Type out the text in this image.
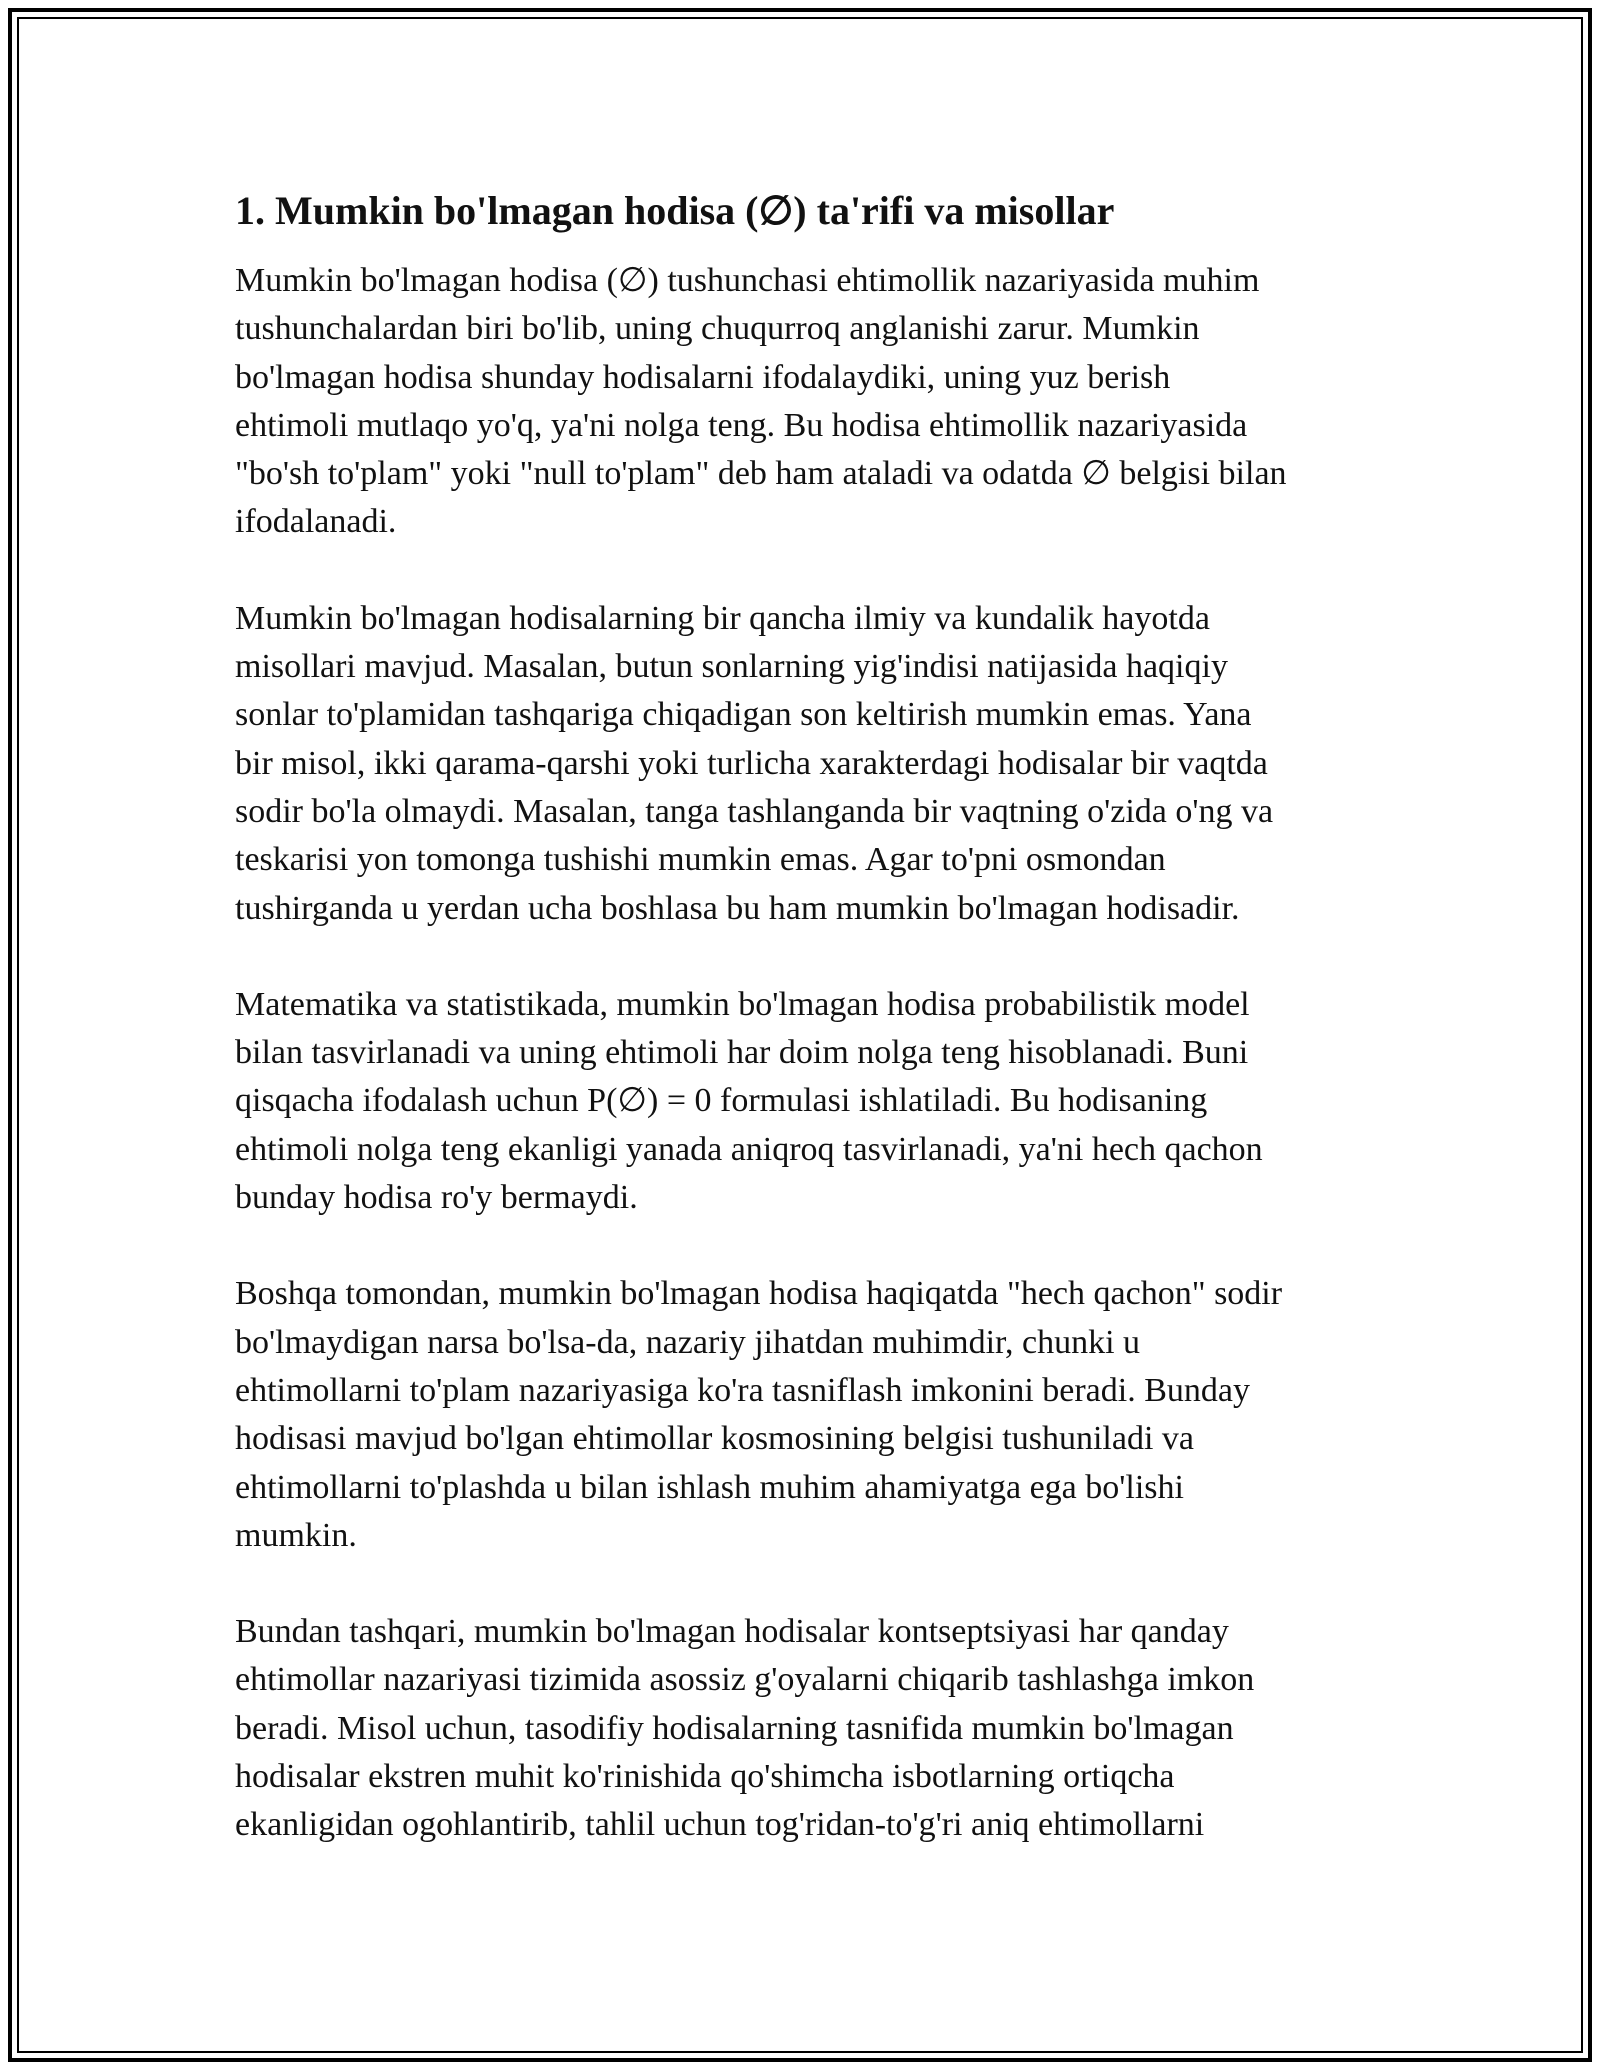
1. Mumkin bo'lmagan hodisa (∅) ta'rifi va misollar
Mumkin bo'lmagan hodisa (∅) tushunchasi ehtimollik nazariyasida muhim
tushunchalardan biri bo'lib, uning chuqurroq anglanishi zarur. Mumkin
bo'lmagan hodisa shunday hodisalarni ifodalaydiki, uning yuz berish
ehtimoli mutlaqo yo'q, ya'ni nolga teng. Bu hodisa ehtimollik nazariyasida
"bo'sh to'plam" yoki "null to'plam" deb ham ataladi va odatda ∅ belgisi bilan
ifodalanadi.
Mumkin bo'lmagan hodisalarning bir qancha ilmiy va kundalik hayotda
misollari mavjud. Masalan, butun sonlarning yig'indisi natijasida haqiqiy
sonlar to'plamidan tashqariga chiqadigan son keltirish mumkin emas. Yana
bir misol, ikki qarama-qarshi yoki turlicha xarakterdagi hodisalar bir vaqtda
sodir bo'la olmaydi. Masalan, tanga tashlanganda bir vaqtning o'zida o'ng va
teskarisi yon tomonga tushishi mumkin emas. Agar to'pni osmondan
tushirganda u yerdan ucha boshlasa bu ham mumkin bo'lmagan hodisadir.
Matematika va statistikada, mumkin bo'lmagan hodisa probabilistik model
bilan tasvirlanadi va uning ehtimoli har doim nolga teng hisoblanadi. Buni
qisqacha ifodalash uchun P(∅) = 0 formulasi ishlatiladi. Bu hodisaning
ehtimoli nolga teng ekanligi yanada aniqroq tasvirlanadi, ya'ni hech qachon
bunday hodisa ro'y bermaydi.
Boshqa tomondan, mumkin bo'lmagan hodisa haqiqatda "hech qachon" sodir
bo'lmaydigan narsa bo'lsa-da, nazariy jihatdan muhimdir, chunki u
ehtimollarni to'plam nazariyasiga ko'ra tasniflash imkonini beradi. Bunday
hodisasi mavjud bo'lgan ehtimollar kosmosining belgisi tushuniladi va
ehtimollarni to'plashda u bilan ishlash muhim ahamiyatga ega bo'lishi
mumkin.
Bundan tashqari, mumkin bo'lmagan hodisalar kontseptsiyasi har qanday
ehtimollar nazariyasi tizimida asossiz g'oyalarni chiqarib tashlashga imkon
beradi. Misol uchun, tasodifiy hodisalarning tasnifida mumkin bo'lmagan
hodisalar ekstren muhit ko'rinishida qo'shimcha isbotlarning ortiqcha
ekanligidan ogohlantirib, tahlil uchun tog'ridan-to'g'ri aniq ehtimollarni
